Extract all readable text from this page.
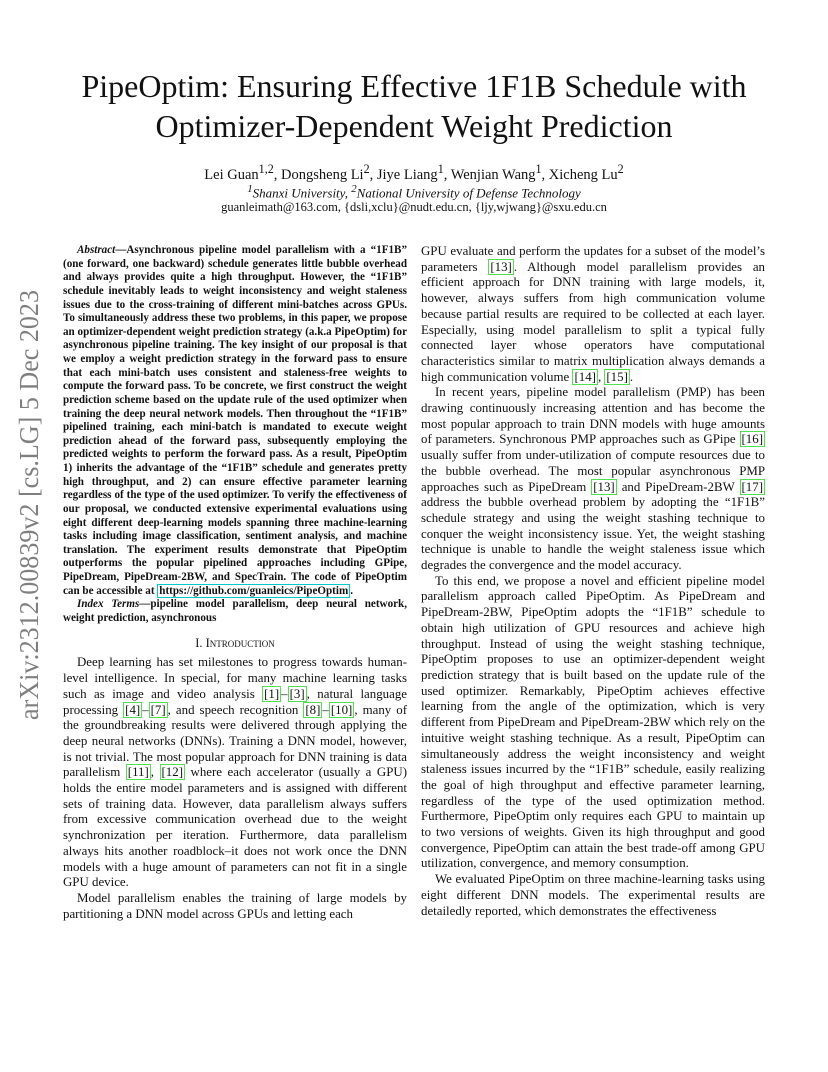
arXiv:2312.00839v2 [cs.LG] 5 Dec 2023
PipeOptim: Ensuring Effective 1F1B Schedule with
Optimizer-Dependent Weight Prediction
Lei Guan$^{1,2}$, Dongsheng Li$^2$, Jiye Liang$^1$, Wenjian Wang$^1$, Xicheng Lu$^2$
$^1$Shanxi University, $^2$National University of Defense Technology
guanleimath@163.com, {dsli,xclu}@nudt.edu.cn, {ljy,wjwang}@sxu.edu.cn

Abstract—Asynchronous pipeline model parallelism with a “1F1B” (one forward, one backward) schedule generates little bubble overhead and always provides quite a high throughput. However, the “1F1B” schedule inevitably leads to weight inconsistency and weight staleness issues due to the cross-training of different mini-batches across GPUs. To simultaneously address these two problems, in this paper, we propose an optimizer-dependent weight prediction strategy (a.k.a PipeOptim) for asynchronous pipeline training. The key insight of our proposal is that we employ a weight prediction strategy in the forward pass to ensure that each mini-batch uses consistent and staleness-free weights to compute the forward pass. To be concrete, we first construct the weight prediction scheme based on the update rule of the used optimizer when training the deep neural network models. Then throughout the “1F1B” pipelined training, each mini-batch is mandated to execute weight prediction ahead of the forward pass, subsequently employing the predicted weights to perform the forward pass. As a result, PipeOptim 1) inherits the advantage of the “1F1B” schedule and generates pretty high throughput, and 2) can ensure effective parameter learning regardless of the type of the used optimizer. To verify the effectiveness of our proposal, we conducted extensive experimental evaluations using eight different deep-learning models spanning three machine-learning tasks including image classification, sentiment analysis, and machine translation. The experiment results demonstrate that PipeOptim outperforms the popular pipelined approaches including GPipe, PipeDream, PipeDream-2BW, and SpecTrain. The code of PipeOptim can be accessible at https://github.com/guanleics/PipeOptim .

Index Terms—pipeline model parallelism, deep neural network, weight prediction, asynchronous

I. Introduction

Deep learning has set milestones to progress towards human-level intelligence. In special, for many machine learning tasks such as image and video analysis [1] – [3] , natural language processing [4] – [7] , and speech recognition [8] – [10] , many of the groundbreaking results were delivered through applying the deep neural networks (DNNs). Training a DNN model, however, is not trivial. The most popular approach for DNN training is data parallelism [11] , [12] where each accelerator (usually a GPU) holds the entire model parameters and is assigned with different sets of training data. However, data parallelism always suffers from excessive communication overhead due to the weight synchronization per iteration. Furthermore, data parallelism always hits another roadblock–it does not work once the DNN models with a huge amount of parameters can not fit in a single GPU device.

Model parallelism enables the training of large models by partitioning a DNN model across GPUs and letting each

GPU evaluate and perform the updates for a subset of the model’s parameters [13] . Although model parallelism provides an efficient approach for DNN training with large models, it, however, always suffers from high communication volume because partial results are required to be collected at each layer. Especially, using model parallelism to split a typical fully connected layer whose operators have computational characteristics similar to matrix multiplication always demands a high communication volume [14] , [15] .

In recent years, pipeline model parallelism (PMP) has been drawing continuously increasing attention and has become the most popular approach to train DNN models with huge amounts of parameters. Synchronous PMP approaches such as GPipe [16] usually suffer from under-utilization of compute resources due to the bubble overhead. The most popular asynchronous PMP approaches such as PipeDream [13] and PipeDream-2BW [17] address the bubble overhead problem by adopting the “1F1B” schedule strategy and using the weight stashing technique to conquer the weight inconsistency issue. Yet, the weight stashing technique is unable to handle the weight staleness issue which degrades the convergence and the model accuracy.

To this end, we propose a novel and efficient pipeline model parallelism approach called PipeOptim. As PipeDream and PipeDream-2BW, PipeOptim adopts the “1F1B” schedule to obtain high utilization of GPU resources and achieve high throughput. Instead of using the weight stashing technique, PipeOptim proposes to use an optimizer-dependent weight prediction strategy that is built based on the update rule of the used optimizer. Remarkably, PipeOptim achieves effective learning from the angle of the optimization, which is very different from PipeDream and PipeDream-2BW which rely on the intuitive weight stashing technique. As a result, PipeOptim can simultaneously address the weight inconsistency and weight staleness issues incurred by the “1F1B” schedule, easily realizing the goal of high throughput and effective parameter learning, regardless of the type of the used optimization method. Furthermore, PipeOptim only requires each GPU to maintain up to two versions of weights. Given its high throughput and good convergence, PipeOptim can attain the best trade-off among GPU utilization, convergence, and memory consumption.

We evaluated PipeOptim on three machine-learning tasks using eight different DNN models. The experimental results are detailedly reported, which demonstrates the effectiveness
